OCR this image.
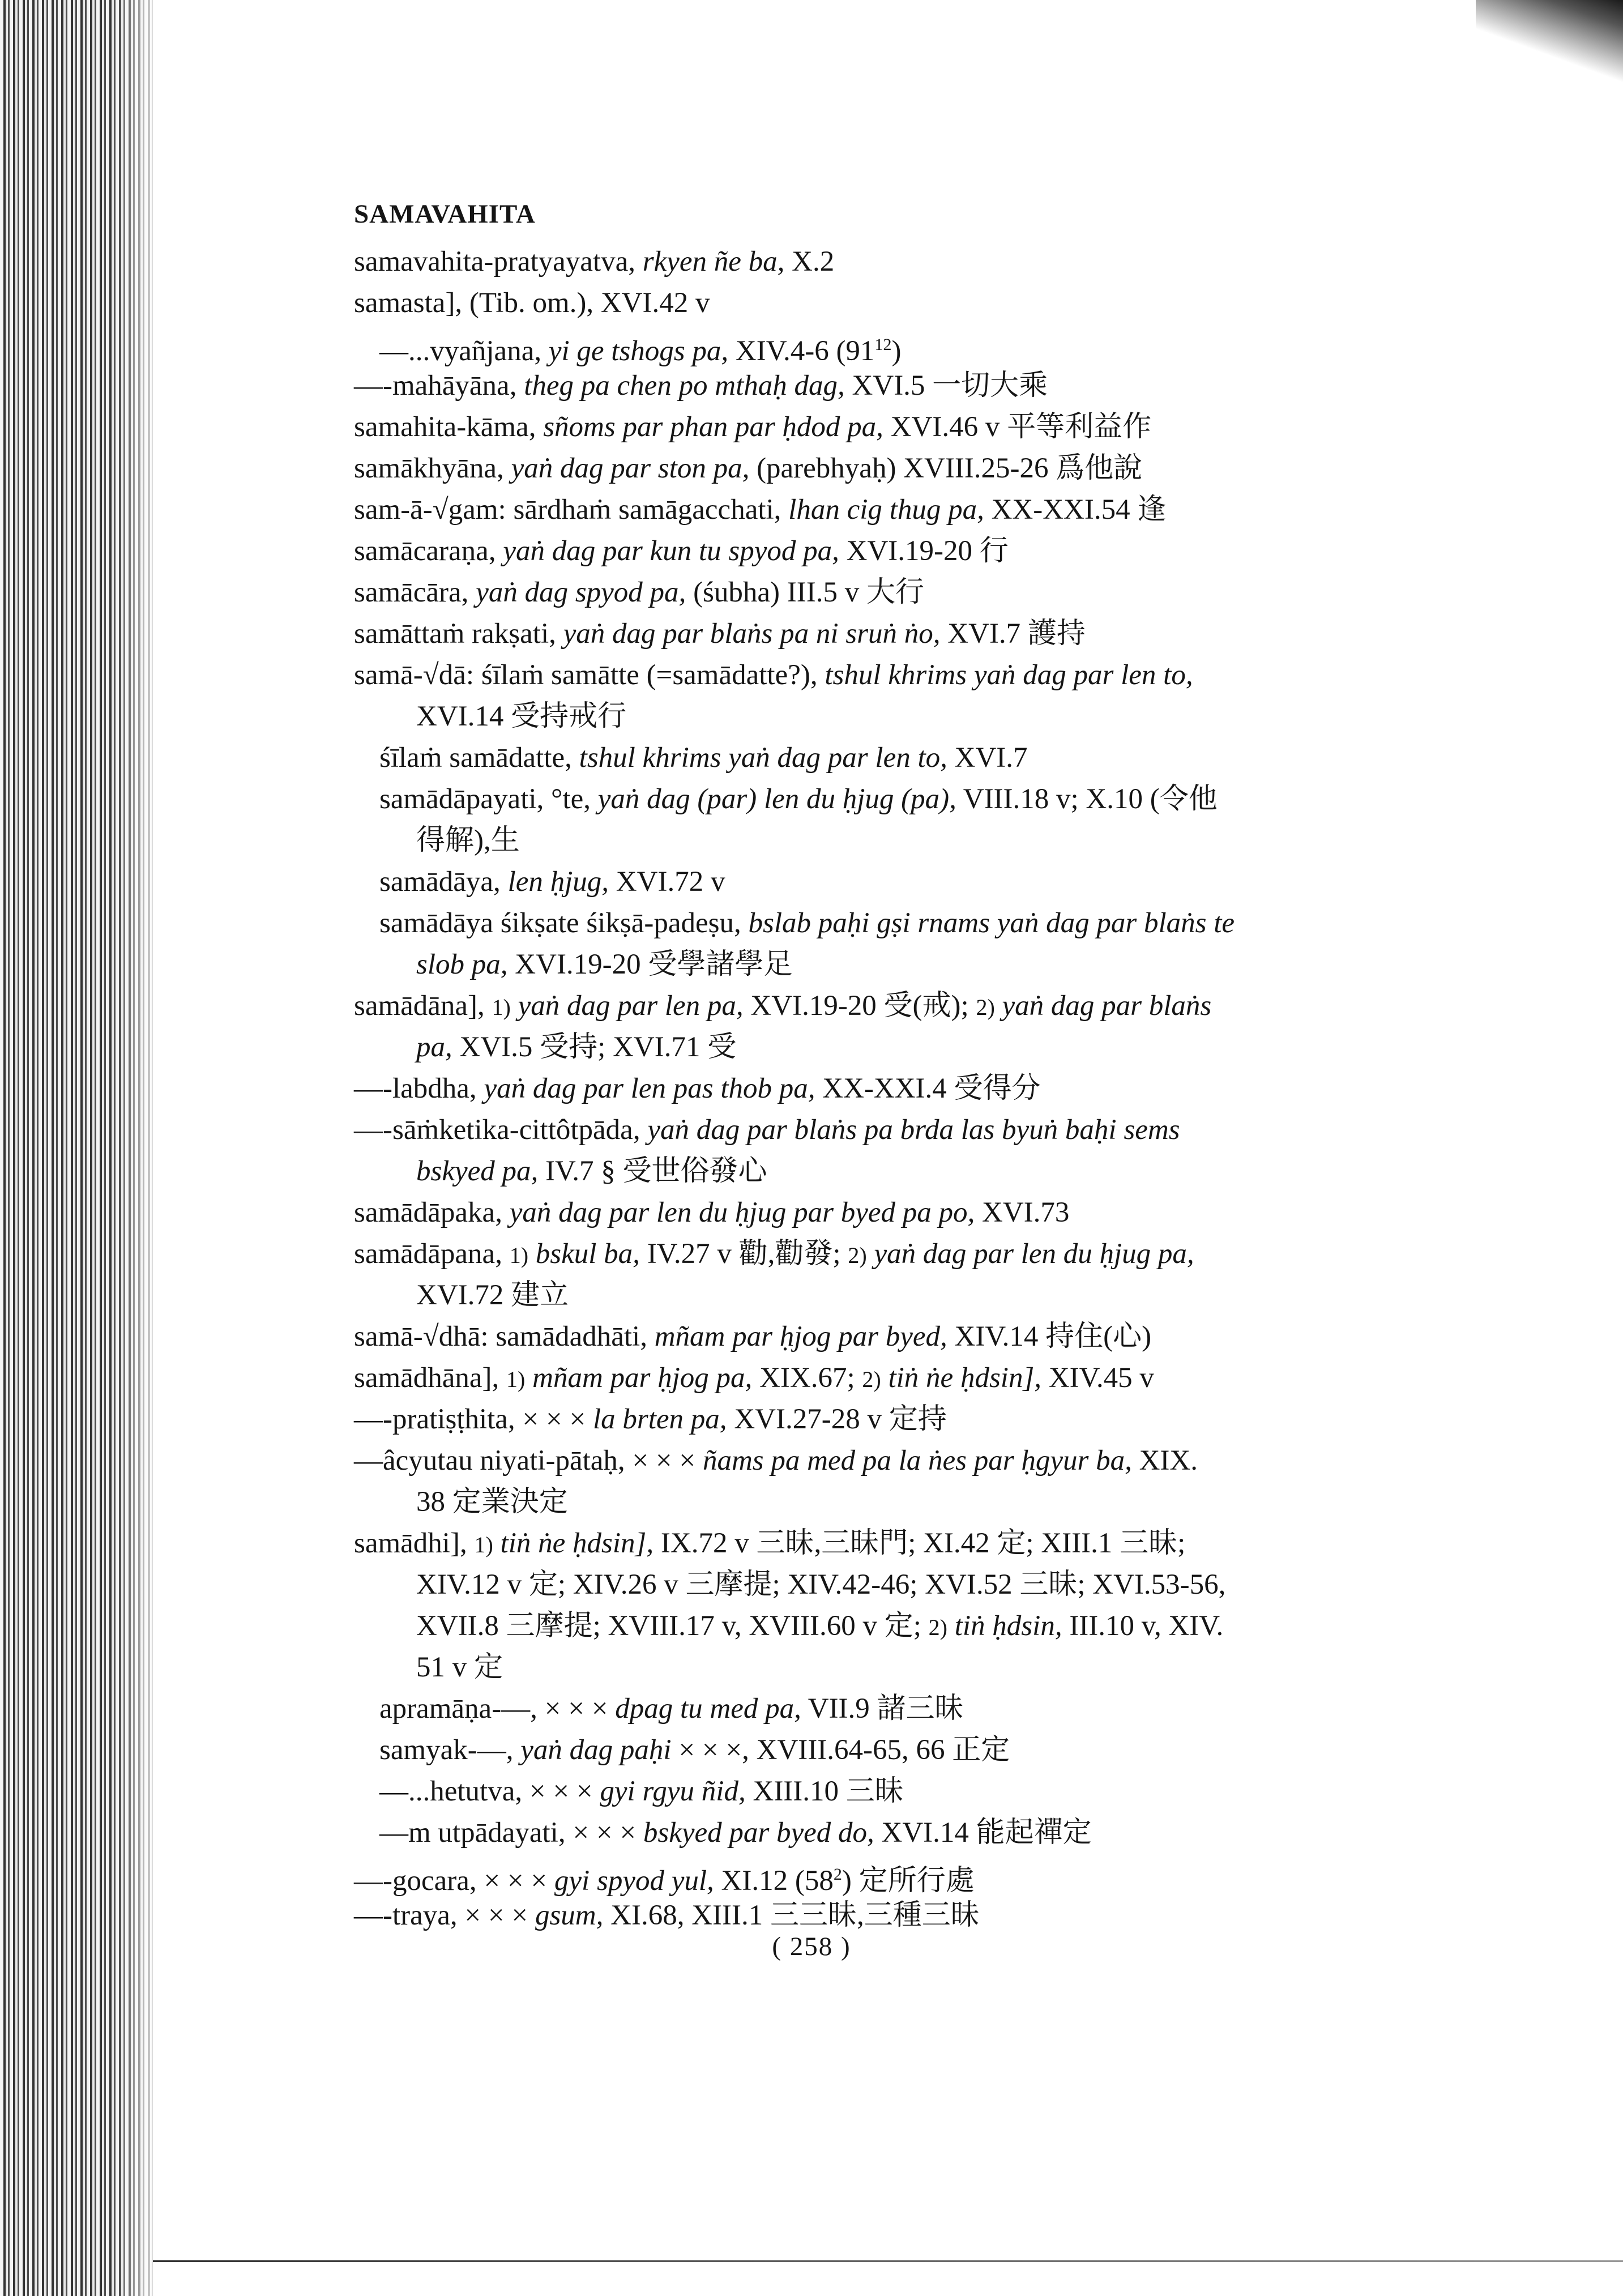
SAMAVAHITA
samavahita-pratyayatva, rkyen ñe ba, X.2
samasta], (Tib. om.), XVI.42 v
—...vyañjana, yi ge tshogs pa, XIV.4-6 $(91^{12})$
—-mahāyāna, theg pa chen po mthaḥ dag, XVI.5 一切大乘
samahita-kāma, sñoms par phan par ḥdod pa, XVI.46 v 平等利益作
samākhyāna, yaṅ dag par ston pa, (parebhyaḥ) XVIII.25-26 爲他說
sam-ā-√gam: sārdhaṁ samāgacchati, lhan cig thug pa, XX-XXI.54 逢
samācaraṇa, yaṅ dag par kun tu spyod pa, XVI.19-20 行
samācāra, yaṅ dag spyod pa, (śubha) III.5 v 大行
samāttaṁ rakṣati, yaṅ dag par blaṅs pa ni sruṅ ṅo, XVI.7 護持
samā-√dā: śīlaṁ samātte (=samādatte?), tshul khrims yaṅ dag par len to,
XVI.14 受持戒行
śīlaṁ samādatte, tshul khrims yaṅ dag par len to, XVI.7
samādāpayati, °te, yaṅ dag (par) len du ḥjug (pa), VIII.18 v; X.10 (令他
得解),生
samādāya, len ḥjug, XVI.72 v
samādāya śikṣate śikṣā-padeṣu, bslab paḥi gṣi rnams yaṅ dag par blaṅs te
slob pa, XVI.19-20 受學諸學足
samādāna], 1) yaṅ dag par len pa, XVI.19-20 受(戒); 2) yaṅ dag par blaṅs
pa, XVI.5 受持; XVI.71 受
—-labdha, yaṅ dag par len pas thob pa, XX-XXI.4 受得分
—-sāṁketika-cittôtpāda, yaṅ dag par blaṅs pa brda las byuṅ baḥi sems
bskyed pa, IV.7 § 受世俗發心
samādāpaka, yaṅ dag par len du ḥjug par byed pa po, XVI.73
samādāpana, 1) bskul ba, IV.27 v 勸,勸發; 2) yaṅ dag par len du ḥjug pa,
XVI.72 建立
samā-√dhā: samādadhāti, mñam par ḥjog par byed, XIV.14 持住(心)
samādhāna], 1) mñam par ḥjog pa, XIX.67; 2) tiṅ ṅe ḥdsin], XIV.45 v
—-pratiṣṭhita, × × × la brten pa, XVI.27-28 v 定持
—âcyutau niyati-pātaḥ, × × × ñams pa med pa la ṅes par ḥgyur ba, XIX.
38 定業決定
samādhi], 1) tiṅ ṅe ḥdsin], IX.72 v 三昧,三昧門; XI.42 定; XIII.1 三昧;
XIV.12 v 定; XIV.26 v 三摩提; XIV.42-46; XVI.52 三昧; XVI.53-56,
XVII.8 三摩提; XVIII.17 v, XVIII.60 v 定; 2) tiṅ ḥdsin, III.10 v, XIV.
51 v 定
apramāṇa-—, × × × dpag tu med pa, VII.9 諸三昧
samyak-—, yaṅ dag paḥi × × ×, XVIII.64-65, 66 正定
—...hetutva, × × × gyi rgyu ñid, XIII.10 三昧
—m utpādayati, × × × bskyed par byed do, XVI.14 能起禪定
—-gocara, × × × gyi spyod yul, XI.12 $(58^2)$ 定所行處
—-traya, × × × gsum, XI.68, XIII.1 三三昧,三種三昧
( 258 )
